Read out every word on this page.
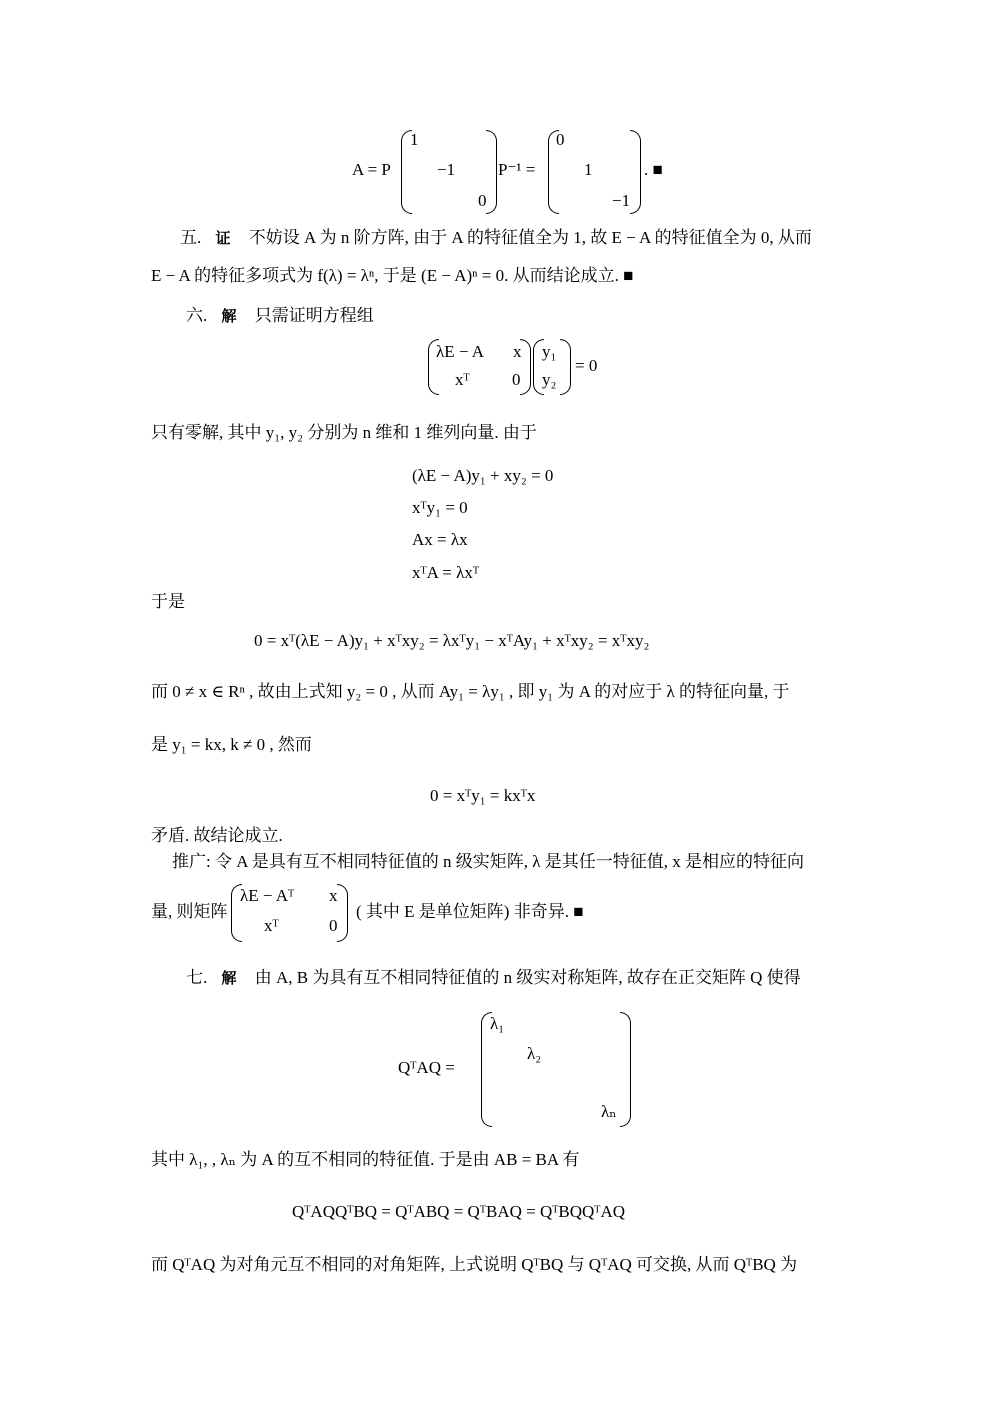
A = P
1
−1
0
P⁻¹ =
0
1
−1
. ■
五. 证 不妨设 A 为 n 阶方阵, 由于 A 的特征值全为 1, 故 E − A 的特征值全为 0, 从而
E − A 的特征多项式为 f(λ) = λⁿ, 于是 (E − A)ⁿ = 0. 从而结论成立. ■
六. 解 只需证明方程组
λE − A x
xᵀ 0
y₁
y₂
= 0
只有零解, 其中 y₁, y₂ 分别为 n 维和 1 维列向量. 由于
(λE − A)y₁ + xy₂ = 0
xᵀy₁ = 0
Ax = λx
xᵀA = λxᵀ
于是
0 = xᵀ(λE − A)y₁ + xᵀxy₂ = λxᵀy₁ − xᵀAy₁ + xᵀxy₂ = xᵀxy₂
而 0 ≠ x ∈ Rⁿ , 故由上式知 y₂ = 0 , 从而 Ay₁ = λy₁ , 即 y₁ 为 A 的对应于 λ 的特征向量, 于
是 y₁ = kx, k ≠ 0 , 然而
0 = xᵀy₁ = kxᵀx
矛盾. 故结论成立.
推广: 令 A 是具有互不相同特征值的 n 级实矩阵, λ 是其任一特征值, x 是相应的特征向
量, 则矩阵
λE − Aᵀ x
xᵀ	0
( 其中 E 是单位矩阵) 非奇异. ■
七. 解 由 A, B 为具有互不相同特征值的 n 级实对称矩阵, 故存在正交矩阵 Q 使得
QᵀAQ =
λ₁
λ₂
λₙ
其中 λ₁, , λₙ 为 A 的互不相同的特征值. 于是由 AB = BA 有
QᵀAQQᵀBQ = QᵀABQ = QᵀBAQ = QᵀBQQᵀAQ
而 QᵀAQ 为对角元互不相同的对角矩阵, 上式说明 QᵀBQ 与 QᵀAQ 可交换, 从而 QᵀBQ 为
